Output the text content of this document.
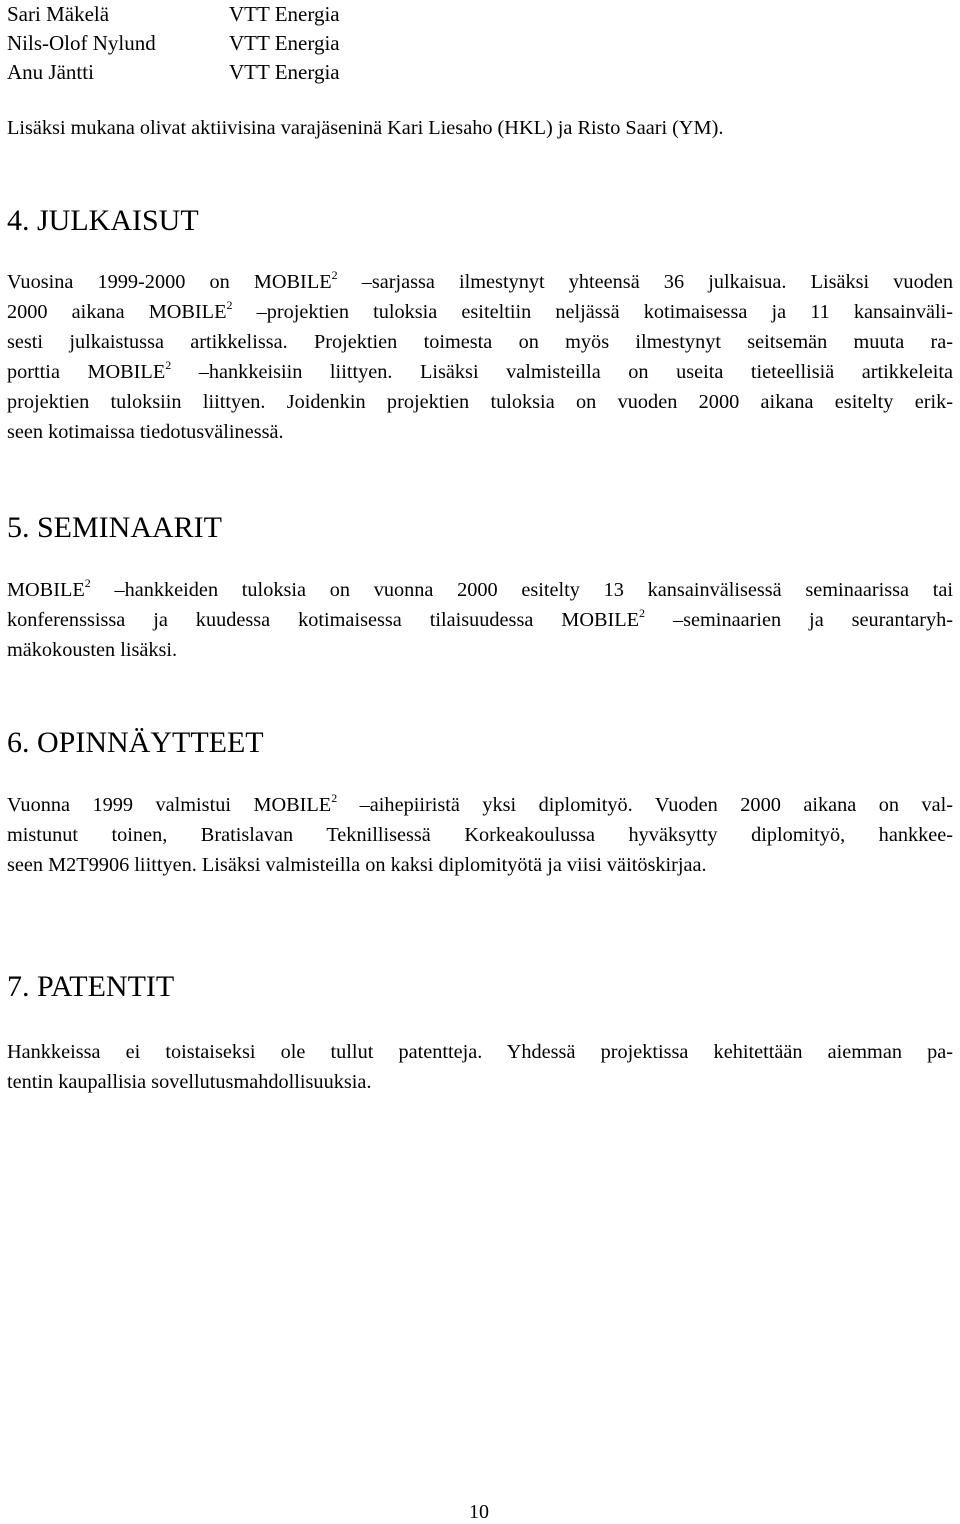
Sari Mäkelä	VTT Energia
Nils-Olof Nylund	VTT Energia
Anu Jäntti	VTT Energia

Lisäksi mukana olivat aktiivisina varajäseninä Kari Liesaho (HKL) ja Risto Saari (YM).

4. JULKAISUT

Vuosina 1999-2000 on MOBILE$^2$ –sarjassa ilmestynyt yhteensä 36 julkaisua. Lisäksi vuoden
2000 aikana MOBILE$^2$ –projektien tuloksia esiteltiin neljässä kotimaisessa ja 11 kansainväli-
sesti julkaistussa artikkelissa. Projektien toimesta on myös ilmestynyt seitsemän muuta ra-
porttia MOBILE$^2$ –hankkeisiin liittyen. Lisäksi valmisteilla on useita tieteellisiä artikkeleita
projektien tuloksiin liittyen. Joidenkin projektien tuloksia on vuoden 2000 aikana esitelty erik-
seen kotimaissa tiedotusvälinessä.

5. SEMINAARIT

MOBILE$^2$ –hankkeiden tuloksia on vuonna 2000 esitelty 13 kansainvälisessä seminaarissa tai
konferenssissa ja kuudessa kotimaisessa tilaisuudessa MOBILE$^2$ –seminaarien ja seurantaryh-
mäkokousten lisäksi.

6. OPINNÄYTTEET

Vuonna 1999 valmistui MOBILE$^2$ –aihepiiristä yksi diplomityö. Vuoden 2000 aikana on val-
mistunut toinen, Bratislavan Teknillisessä Korkeakoulussa hyväksytty diplomityö, hankkee-
seen M2T9906 liittyen. Lisäksi valmisteilla on kaksi diplomityötä ja viisi väitöskirjaa.

7. PATENTIT

Hankkeissa ei toistaiseksi ole tullut patentteja. Yhdessä projektissa kehitettään aiemman pa-
tentin kaupallisia sovellutusmahdollisuuksia.

10
